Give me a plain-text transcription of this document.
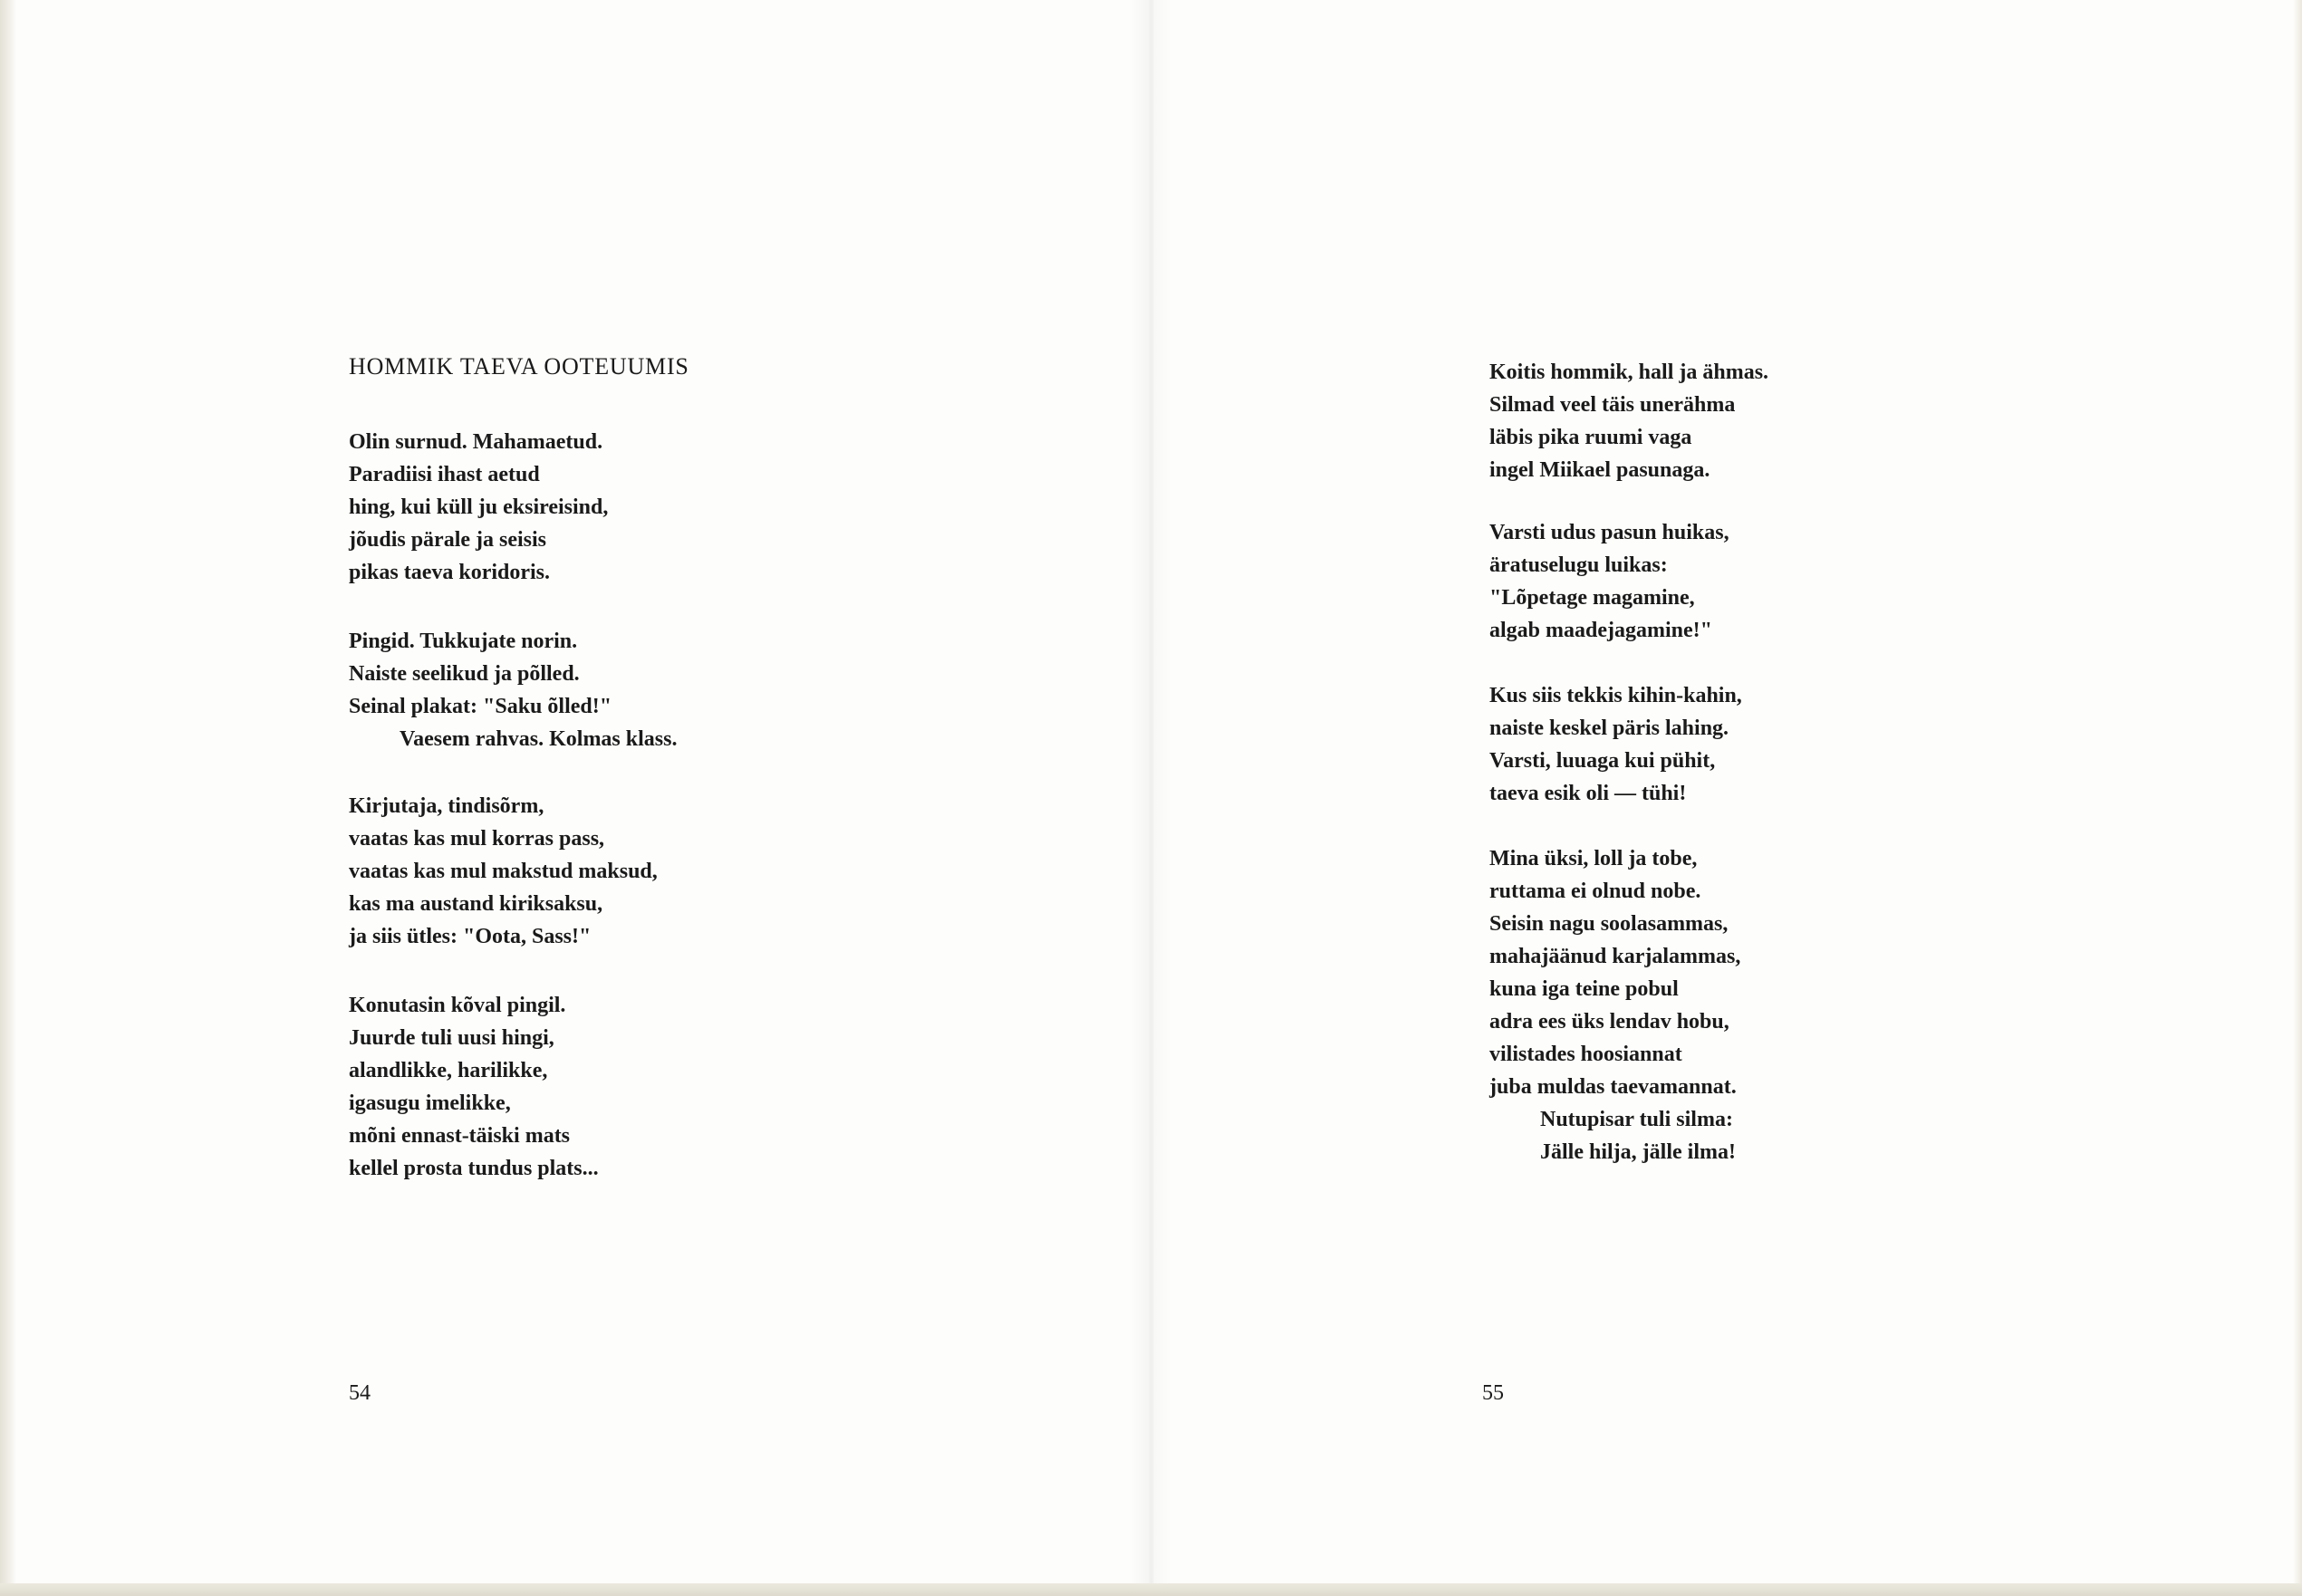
HOMMIK TAEVA OOTEUUMIS
Olin surnud. Mahamaetud.
Paradiisi ihast aetud
hing, kui küll ju eksireisind,
jõudis pärale ja seisis
pikas taeva koridoris.
Pingid. Tukkujate norin.
Naiste seelikud ja põlled.
Seinal plakat: "Saku õlled!"
Vaesem rahvas. Kolmas klass.
Kirjutaja, tindisõrm,
vaatas kas mul korras pass,
vaatas kas mul makstud maksud,
kas ma austand kiriksaksu,
ja siis ütles: "Oota, Sass!"
Konutasin kõval pingil.
Juurde tuli uusi hingi,
alandlikke, harilikke,
igasugu imelikke,
mõni ennast-täiski mats
kellel prosta tundus plats...

54

Koitis hommik, hall ja ähmas.
Silmad veel täis unerähma
läbis pika ruumi vaga
ingel Miikael pasunaga.
Varsti udus pasun huikas,
äratuselugu luikas:
"Lõpetage magamine,
algab maadejagamine!"
Kus siis tekkis kihin-kahin,
naiste keskel päris lahing.
Varsti, luuaga kui pühit,
taeva esik oli — tühi!
Mina üksi, loll ja tobe,
ruttama ei olnud nobe.
Seisin nagu soolasammas,
mahajäänud karjalammas,
kuna iga teine pobul
adra ees üks lendav hobu,
vilistades hoosiannat
juba muldas taevamannat.
Nutupisar tuli silma:
Jälle hilja, jälle ilma!

55
